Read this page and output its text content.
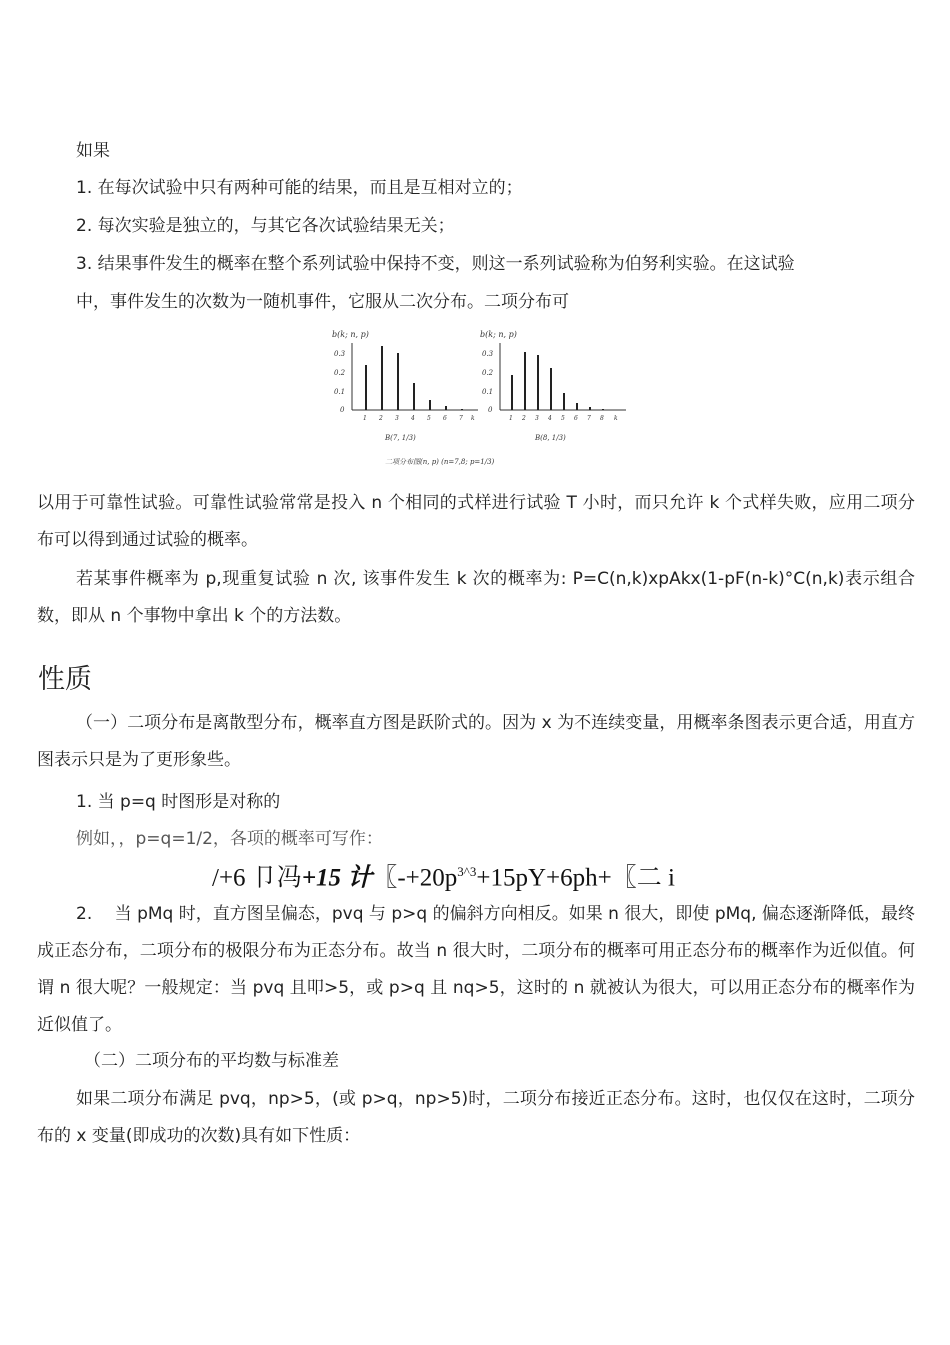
如果
1. 在每次试验中只有两种可能的结果，而且是互相对立的；
2. 每次实验是独立的，与其它各次试验结果无关；
3. 结果事件发生的概率在整个系列试验中保持不变，则这一系列试验称为伯努利实验。在这试验
中，事件发生的次数为一随机事件，它服从二次分布。二项分布可
b(k; n, p)
0.3
0.2
0.1
0
1 2 3 4 5 6 7 k
B(7, 1/3)
b(k; n, p)
0.3
0.2
0.1
0
1 2 3 4 5 6 7 8 k
B(8, 1/3)
二项分布图(n, p) (n=7,8; p=1/3)
以用于可靠性试验。可靠性试验常常是投入 n 个相同的式样进行试验 T 小时，而只允许 k 个式样失败，应用二项分布可以得到通过试验的概率。
若某事件概率为 p,现重复试验 n 次, 该事件发生 k 次的概率为: P=C(n,k)xpAkx(1-pF(n-k)°C(n,k)表示组合数，即从 n 个事物中拿出 k 个的方法数。
性质
（一）二项分布是离散型分布，概率直方图是跃阶式的。因为 x 为不连续变量，用概率条图表示更合适，用直方图表示只是为了更形象些。
1. 当 p=q 时图形是对称的
例如，，p=q=1/2，各项的概率可写作：
/+6 卩冯+15 计〖$-+20p^{3\^{}3}+15pY+6ph+$〖二 i
2.　 当 pMq 时，直方图呈偏态，pvq 与 p>q 的偏斜方向相反。如果 n 很大，即使 pMq, 偏态逐渐降低，最终成正态分布，二项分布的极限分布为正态分布。故当 n 很大时，二项分布的概率可用正态分布的概率作为近似值。何谓 n 很大呢？一般规定：当 pvq 且叩>5，或 p>q 且 nq>5，这时的 n 就被认为很大，可以用正态分布的概率作为近似值了。
（二）二项分布的平均数与标准差
如果二项分布满足 pvq，np>5，(或 p>q，np>5)时，二项分布接近正态分布。这时，也仅仅在这时，二项分布的 x 变量(即成功的次数)具有如下性质：
